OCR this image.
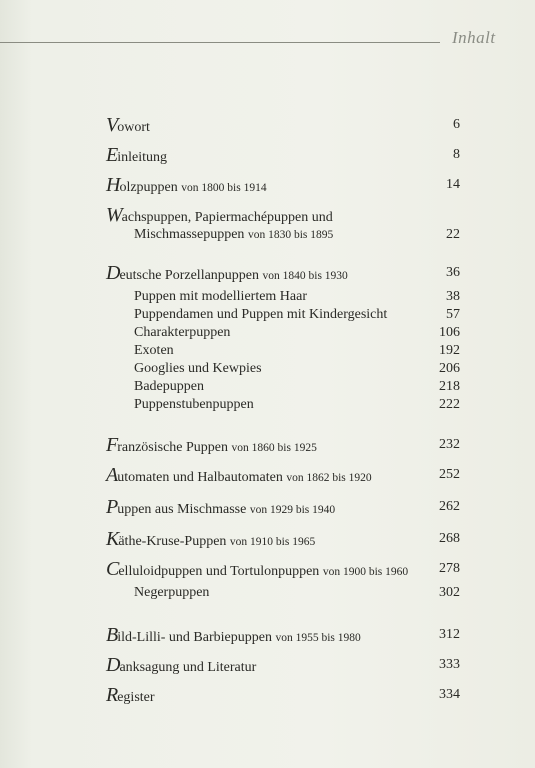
Inhalt
Vowort	6
Einleitung	8
Holzpuppen von 1800 bis 1914	14
Wachspuppen, Papiermachépuppen und
Mischmassepuppen von 1830 bis 1895	22
Deutsche Porzellanpuppen von 1840 bis 1930	36
Puppen mit modelliertem Haar	38
Puppendamen und Puppen mit Kindergesicht	57
Charakterpuppen	106
Exoten	192
Googlies und Kewpies	206
Badepuppen	218
Puppenstubenpuppen	222
Französische Puppen von 1860 bis 1925	232
Automaten und Halbautomaten von 1862 bis 1920	252
Puppen aus Mischmasse von 1929 bis 1940	262
Käthe-Kruse-Puppen von 1910 bis 1965	268
Celluloidpuppen und Tortulonpuppen von 1900 bis 1960 278
Negerpuppen	302
Bild-Lilli- und Barbiepuppen von 1955 bis 1980	312
Danksagung und Literatur	333
Register	334
